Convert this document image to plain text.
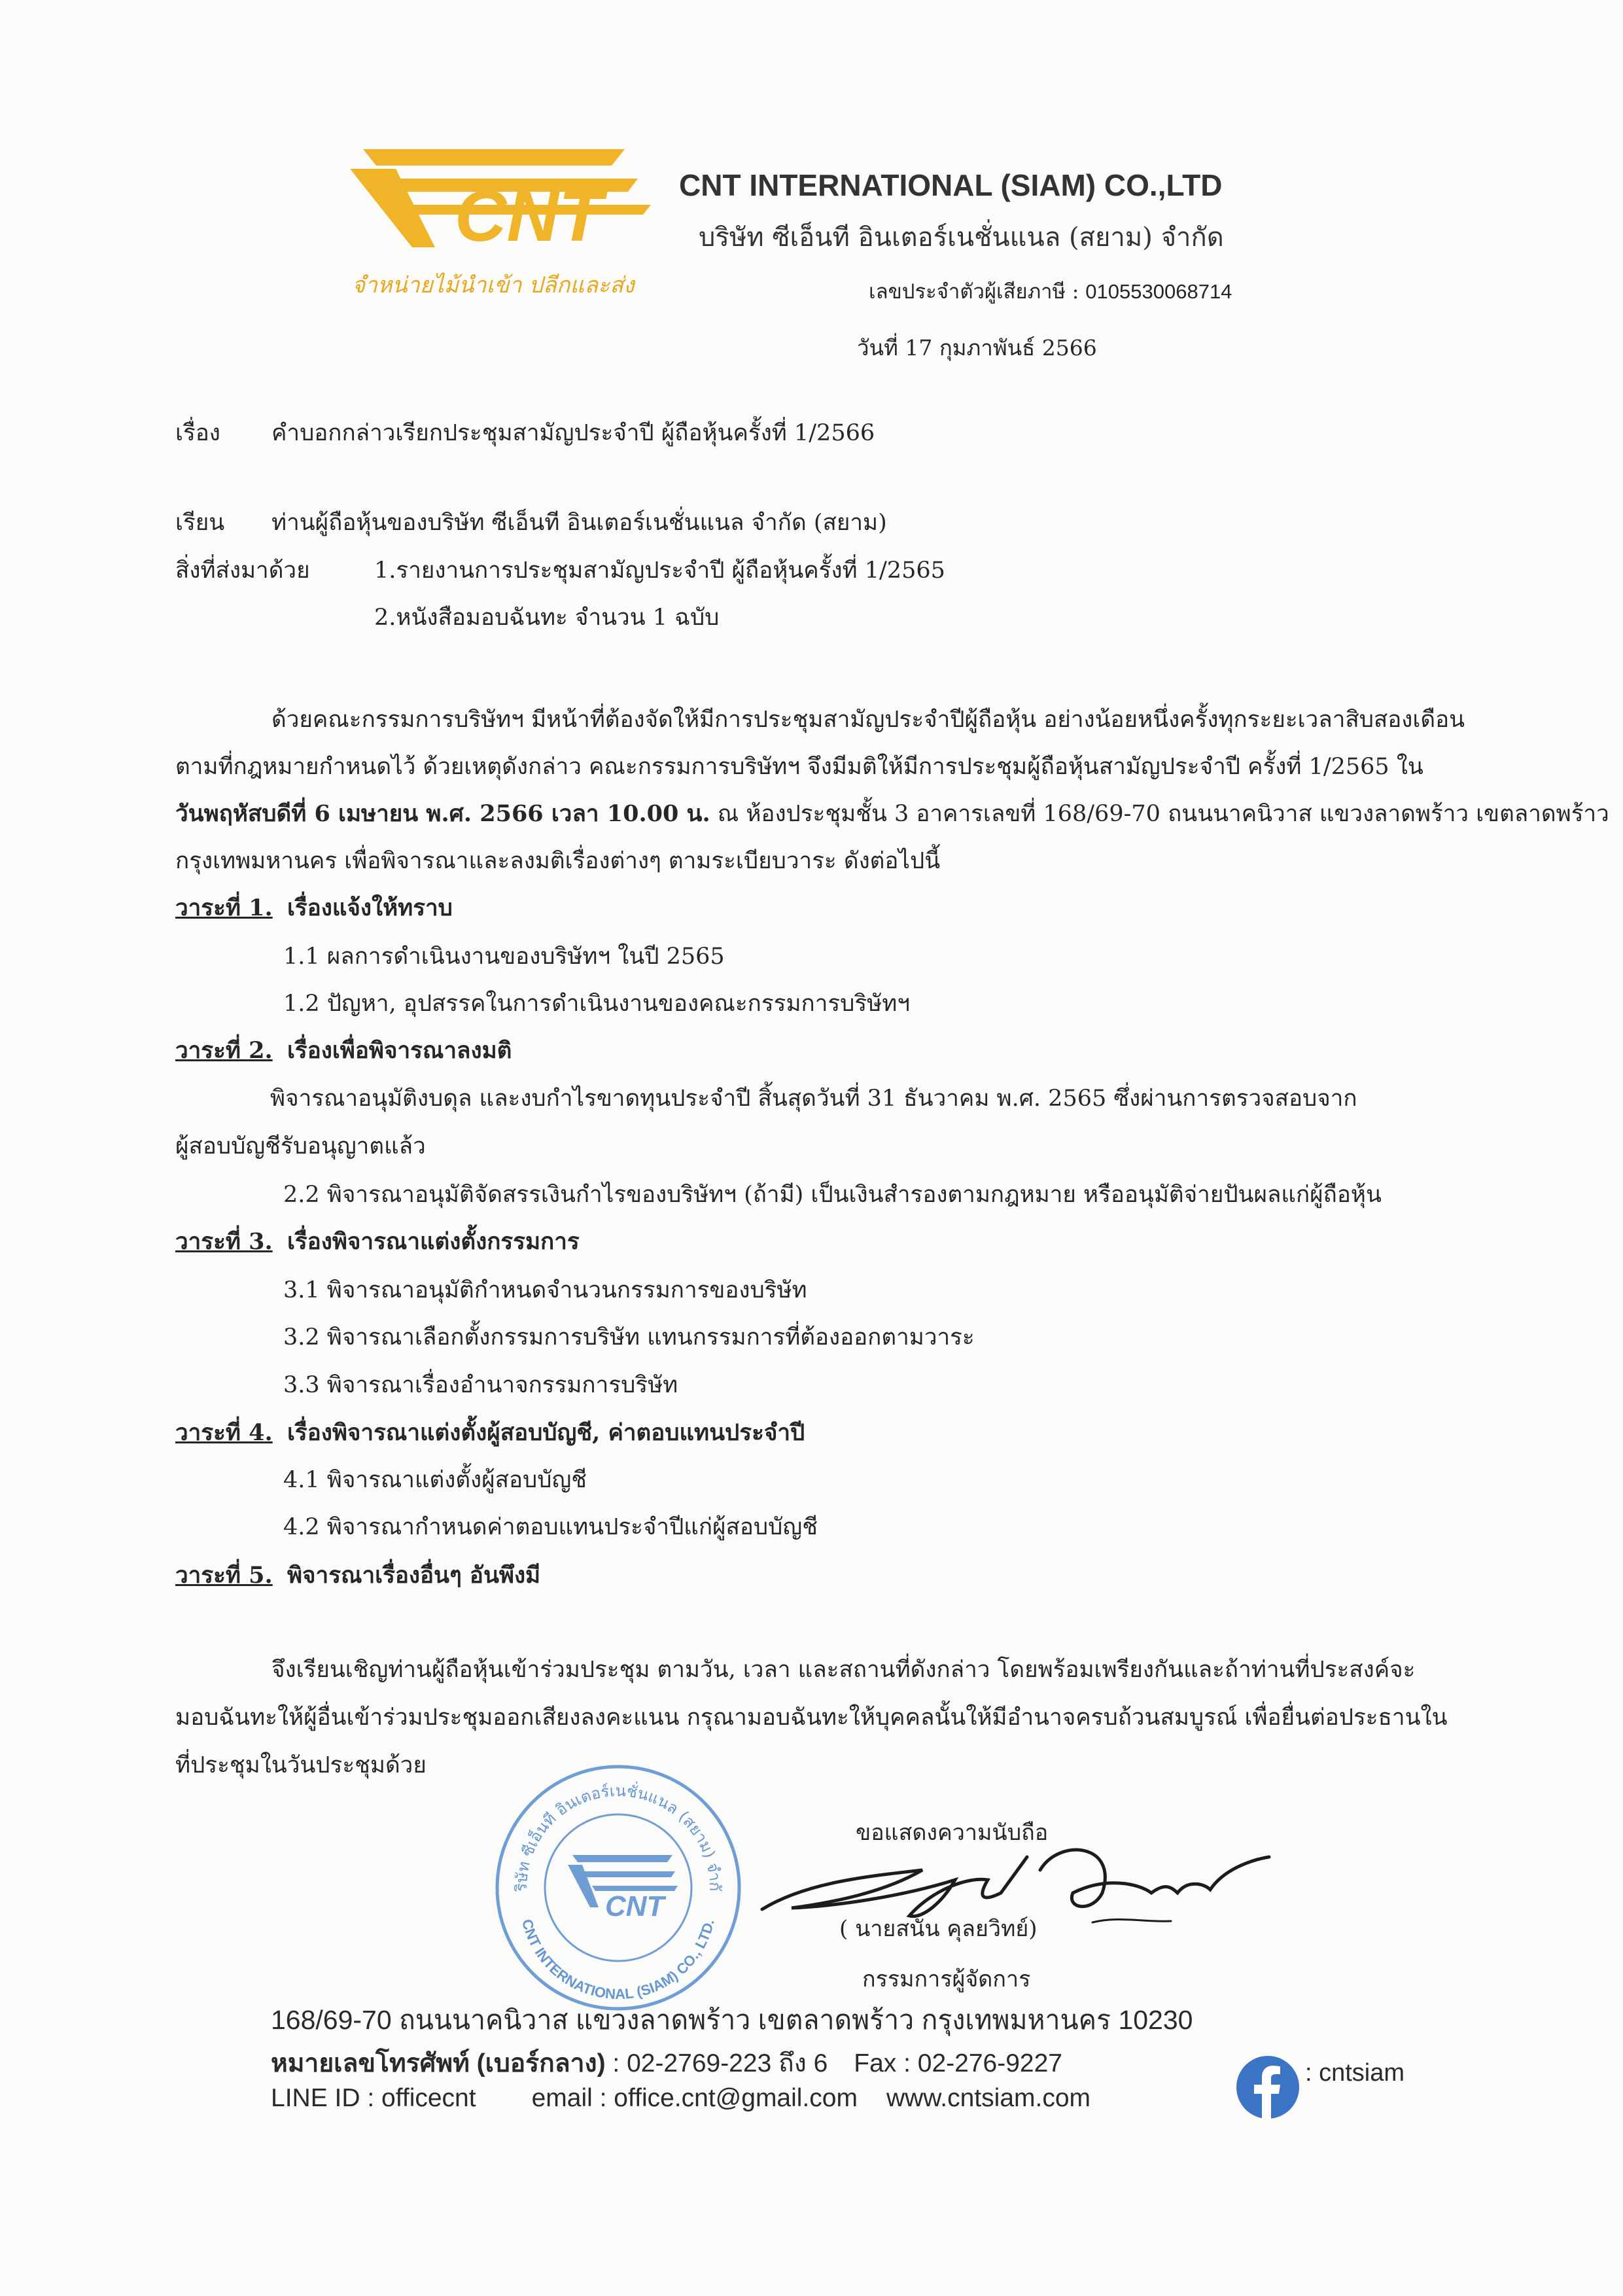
CNT	CNT INTERNATIONAL (SIAM) CO.,LTD
บริษัท ซีเอ็นที อินเตอร์เนชั่นแนล (สยาม) จำกัด
จำหน่ายไม้นำเข้า ปลีกและส่ง	เลขประจำตัวผู้เสียภาษี : 0105530068714
วันที่ 17 กุมภาพันธ์ 2566
เรื่อง คำบอกกล่าวเรียกประชุมสามัญประจำปี ผู้ถือหุ้นครั้งที่ 1/2566
เรียน ท่านผู้ถือหุ้นของบริษัท ซีเอ็นที อินเตอร์เนชั่นแนล จำกัด (สยาม)
สิ่งที่ส่งมาด้วย	1.รายงานการประชุมสามัญประจำปี ผู้ถือหุ้นครั้งที่ 1/2565
2.หนังสือมอบฉันทะ จำนวน 1 ฉบับ
ด้วยคณะกรรมการบริษัทฯ มีหน้าที่ต้องจัดให้มีการประชุมสามัญประจำปีผู้ถือหุ้น อย่างน้อยหนึ่งครั้งทุกระยะเวลาสิบสองเดือน
ตามที่กฎหมายกำหนดไว้ ด้วยเหตุดังกล่าว คณะกรรมการบริษัทฯ จึงมีมติให้มีการประชุมผู้ถือหุ้นสามัญประจำปี ครั้งที่ 1/2565 ใน
วันพฤหัสบดีที่ 6 เมษายน พ.ศ. 2566 เวลา 10.00 น. ณ ห้องประชุมชั้น 3 อาคารเลขที่ 168/69-70 ถนนนาคนิวาส แขวงลาดพร้าว เขตลาดพร้าว
กรุงเทพมหานคร เพื่อพิจารณาและลงมติเรื่องต่างๆ ตามระเบียบวาระ ดังต่อไปนี้
วาระที่ 1. เรื่องแจ้งให้ทราบ
1.1 ผลการดำเนินงานของบริษัทฯ ในปี 2565
1.2 ปัญหา, อุปสรรคในการดำเนินงานของคณะกรรมการบริษัทฯ
วาระที่ 2. เรื่องเพื่อพิจารณาลงมติ
พิจารณาอนุมัติงบดุล และงบกำไรขาดทุนประจำปี สิ้นสุดวันที่ 31 ธันวาคม พ.ศ. 2565 ซึ่งผ่านการตรวจสอบจาก
ผู้สอบบัญชีรับอนุญาตแล้ว
2.2 พิจารณาอนุมัติจัดสรรเงินกำไรของบริษัทฯ (ถ้ามี) เป็นเงินสำรองตามกฎหมาย หรืออนุมัติจ่ายปันผลแก่ผู้ถือหุ้น
วาระที่ 3. เรื่องพิจารณาแต่งตั้งกรรมการ
3.1 พิจารณาอนุมัติกำหนดจำนวนกรรมการของบริษัท
3.2 พิจารณาเลือกตั้งกรรมการบริษัท แทนกรรมการที่ต้องออกตามวาระ
3.3 พิจารณาเรื่องอำนาจกรรมการบริษัท
วาระที่ 4. เรื่องพิจารณาแต่งตั้งผู้สอบบัญชี, ค่าตอบแทนประจำปี
4.1 พิจารณาแต่งตั้งผู้สอบบัญชี
4.2 พิจารณากำหนดค่าตอบแทนประจำปีแก่ผู้สอบบัญชี
วาระที่ 5. พิจารณาเรื่องอื่นๆ อันพึงมี
จึงเรียนเชิญท่านผู้ถือหุ้นเข้าร่วมประชุม ตามวัน, เวลา และสถานที่ดังกล่าว โดยพร้อมเพรียงกันและถ้าท่านที่ประสงค์จะ
มอบฉันทะให้ผู้อื่นเข้าร่วมประชุมออกเสียงลงคะแนน กรุณามอบฉันทะให้บุคคลนั้นให้มีอำนาจครบถ้วนสมบูรณ์ เพื่อยื่นต่อประธานใน
ที่ประชุมในวันประชุมด้วย
ริษัท ซีเอ็นที อินเตอร์เนชั่นแนล (สยาม) จำกั
CNT INTERNATIONAL (SIAM) CO., LTD.
CNT
ขอแสดงความนับถือ
( นายสนั่น คุลยวิทย์)
กรรมการผู้จัดการ
168/69-70 ถนนนาคนิวาส แขวงลาดพร้าว เขตลาดพร้าว กรุงเทพมหานคร 10230
หมายเลขโทรศัพท์ (เบอร์กลาง) : 02-2769-223 ถึง 6 Fax : 02-276-9227
LINE ID : officecnt email : office.cnt@gmail.com www.cntsiam.com
: cntsiam
